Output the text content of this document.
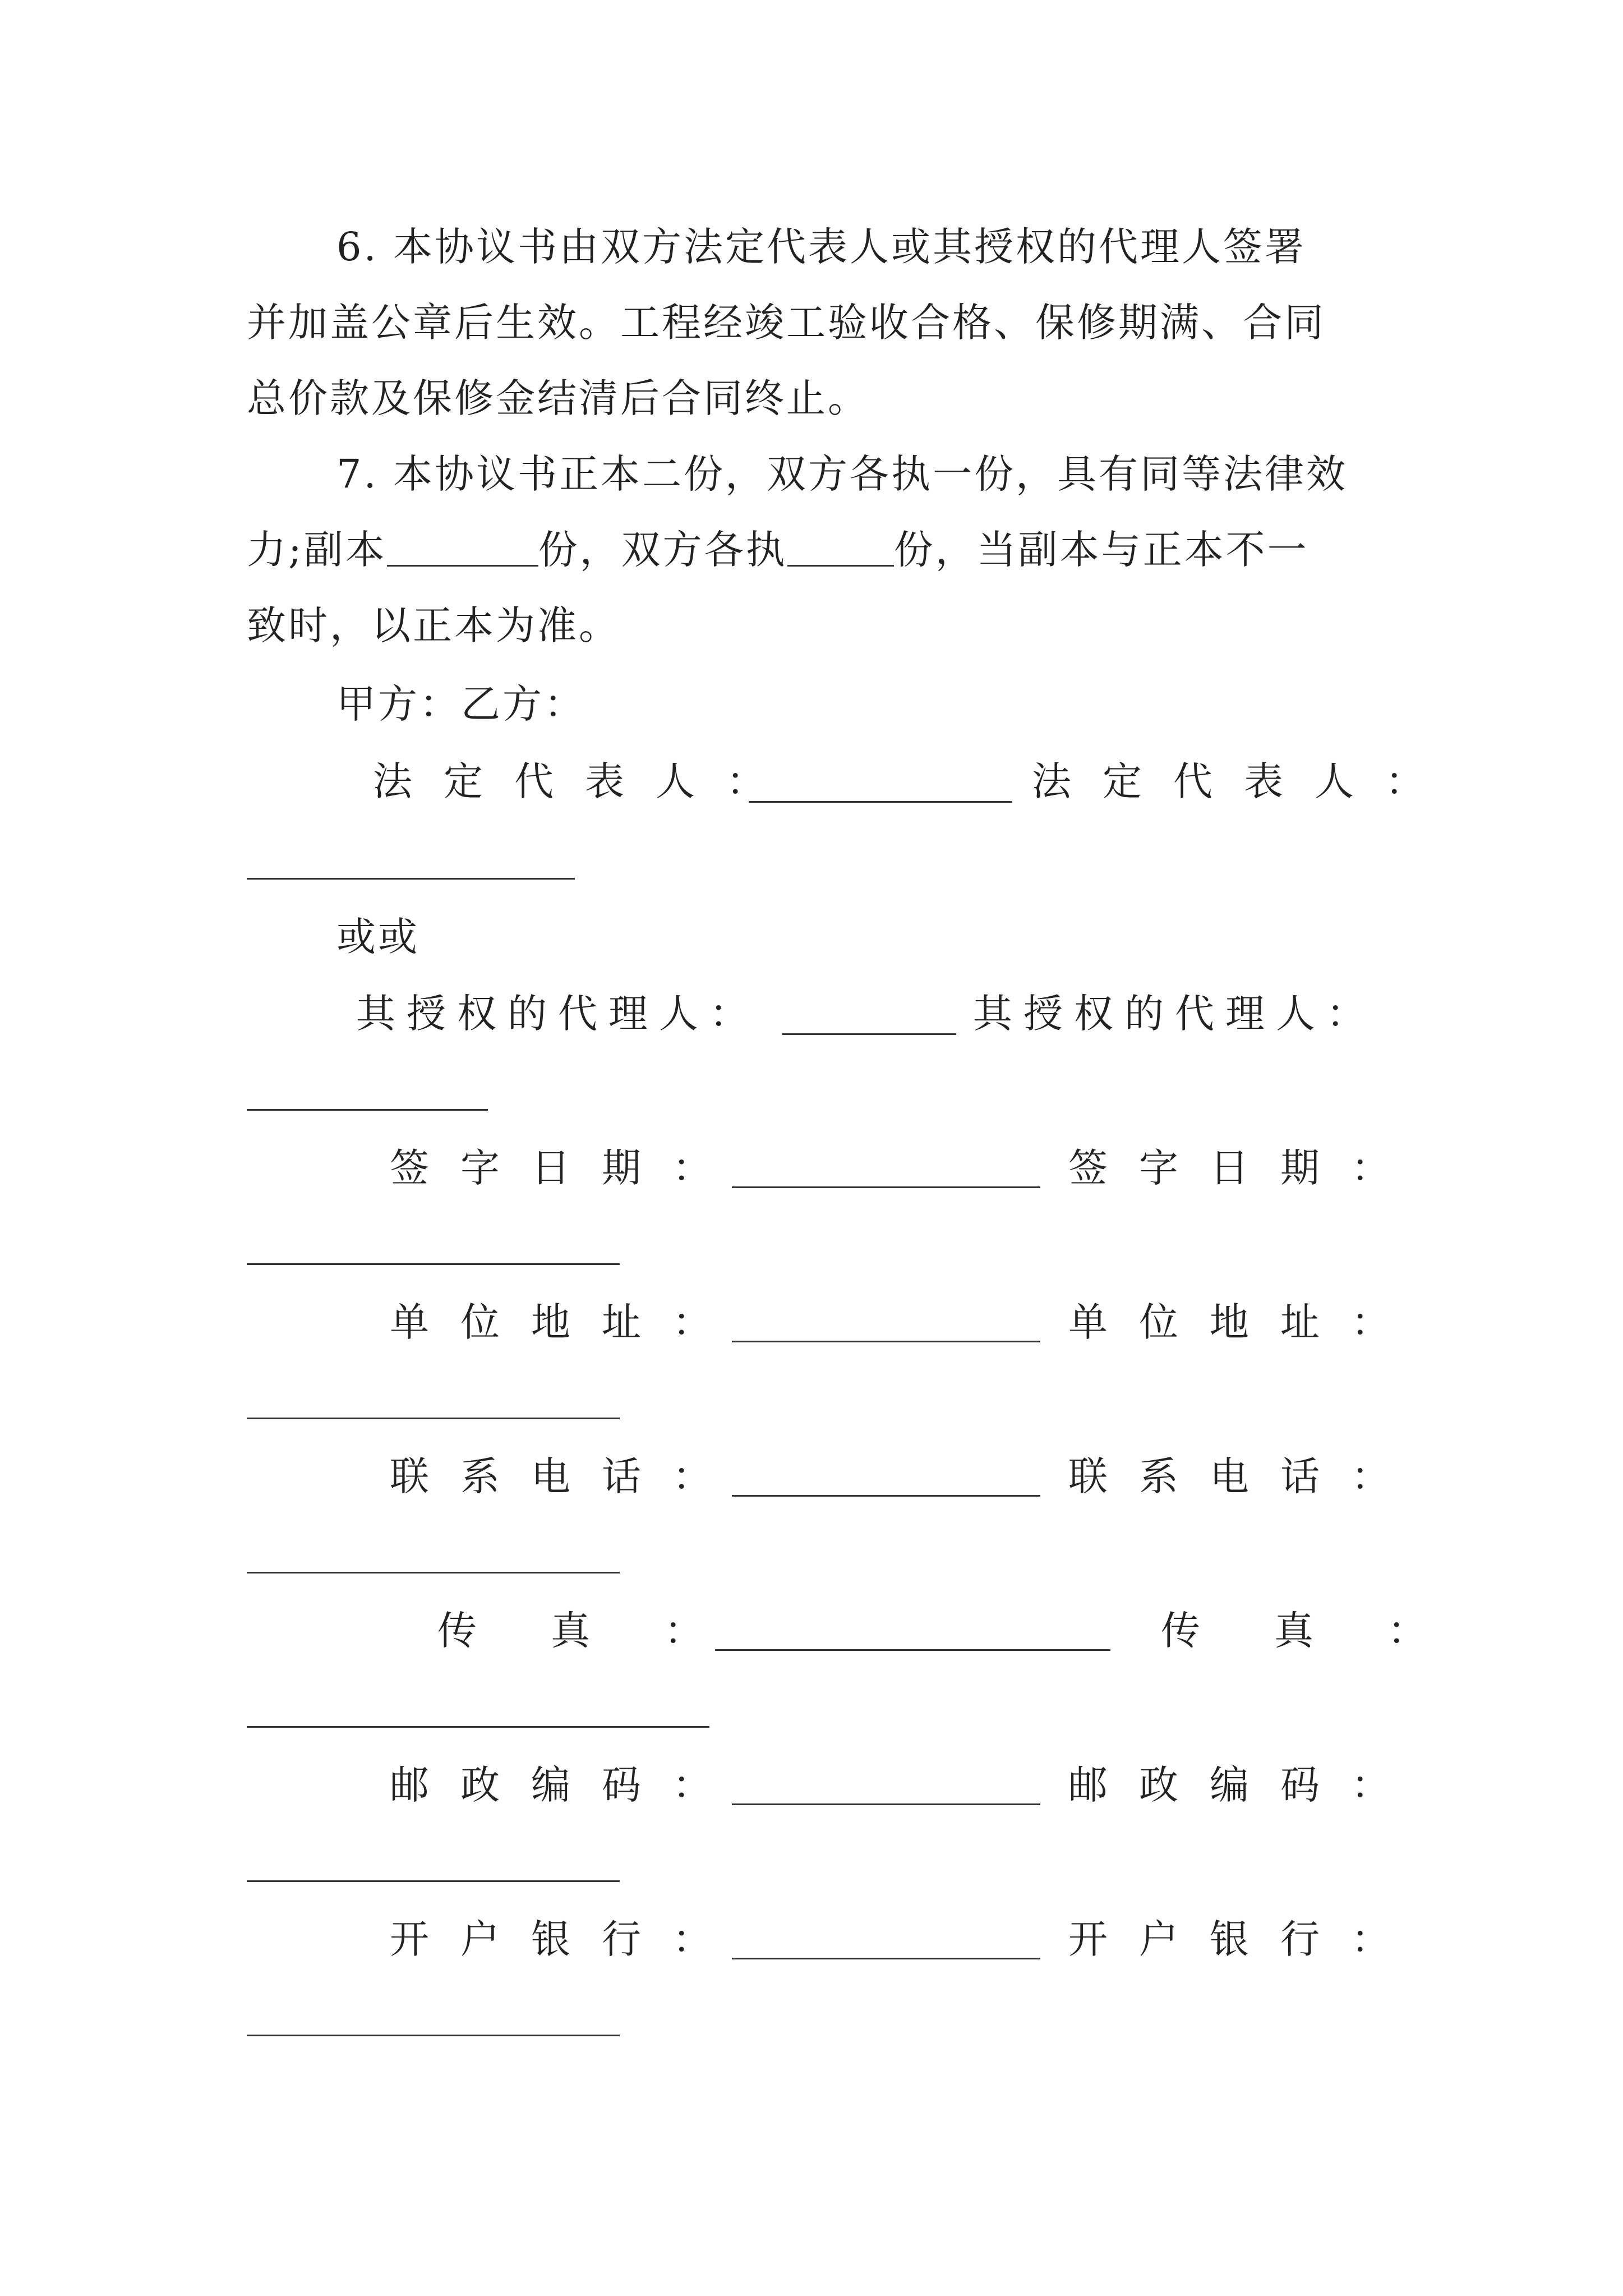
6. 本协议书由双方法定代表人或其授权的代理人签署
并加盖公章后生效。工程经竣工验收合格、保修期满、合同
总价款及保修金结清后合同终止。
7. 本协议书正本二份，双方各执一份，具有同等法律效
力;副本	份，双方各执	份，当副本与正本不一
致时，以正本为准。
甲方：乙方：
法定代表人：	法定代表人：
或或
其授权的代理人：	其授权的代理人：
签字日期：	签字日期：
单位地址：	单位地址：
联系电话：	联系电话：
传真：	传真：
邮政编码：	邮政编码：
开户银行：	开户银行：
